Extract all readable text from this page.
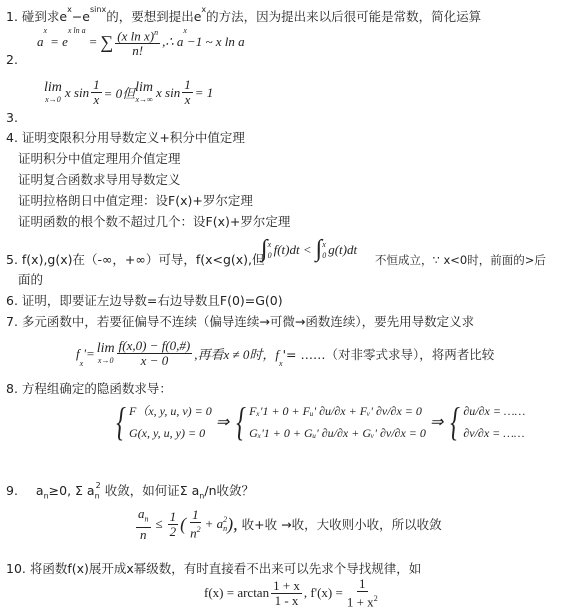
1. 碰到求$e^x-e^{sinx}$的，要想到提出$e^x$的方法，因为提出来以后很可能是常数，简化运算
a
$^x$
= e
$^{x ln a}$
= ∑ $\frac{(x \ln x)^n}{n!}$ ,∴ a
$^x$
−1 ~ x ln a
2.
lim
x→0 x $\sin \frac{1}{x} = 0$但 lim
x→∞ x $\sin \frac{1}{x} = 1$
3.
4. 证明变限积分用导数定义+积分中值定理
证明积分中值定理用介值定理
证明复合函数求导用导数定义
证明拉格朗日中值定理：设F(x)+罗尔定理
证明函数的根个数不超过几个：设F(x)+罗尔定理
5. f(x),g(x)在（-∞，+∞）可导，f(x<g(x),但
∫ x
0 f(t)dt < ∫ x
0 g(t)dt
不恒成立，∵ x<0时，前面的>后
面的
6. 证明，即要证左边导数=右边导数且F(0)=G(0)
7. 多元函数中，若要征偏导不连续（偏导连续→可微→函数连续），要先用导数定义求
f
$_x$
'= lim
$x\to 0 \frac{f(x,0) - f(0,\#)}{x - 0}$ ,再看x ≠ 0时，f
$_x$
'= ……（对非零式求导），将两者比较
8. 方程组确定的隐函数求导：
{ F（x, y, u, v) = 0
G(x, y, u, y) = 0
⇒ { Fₓ'1 + 0 + Fᵤ' ∂u/∂x + Fᵥ' ∂v/∂x = 0
Gₓ'1 + 0 + Gᵤ' ∂u/∂x + Gᵥ' ∂v/∂x = 0
⇒ { ∂u/∂x = ……
∂v/∂x = ……
9. $a_n\ge 0$, Σ $a_n^2$ 收敛，如何证Σ $a_n/n$收敛？
$\frac{a_n}{n} \le \frac{1}{2}$ ( $\frac{1}{n^2} + a$ 2
n ), 收+收 →收，大收则小收，所以收敛
10. 将函数f(x)展开成x幂级数，有时直接看不出来可以先求个导找规律，如
$f(x) = \arctan \frac{1 + x}{1 - x}$ , $f'(x) = \frac{1}{1 + x^2}$
